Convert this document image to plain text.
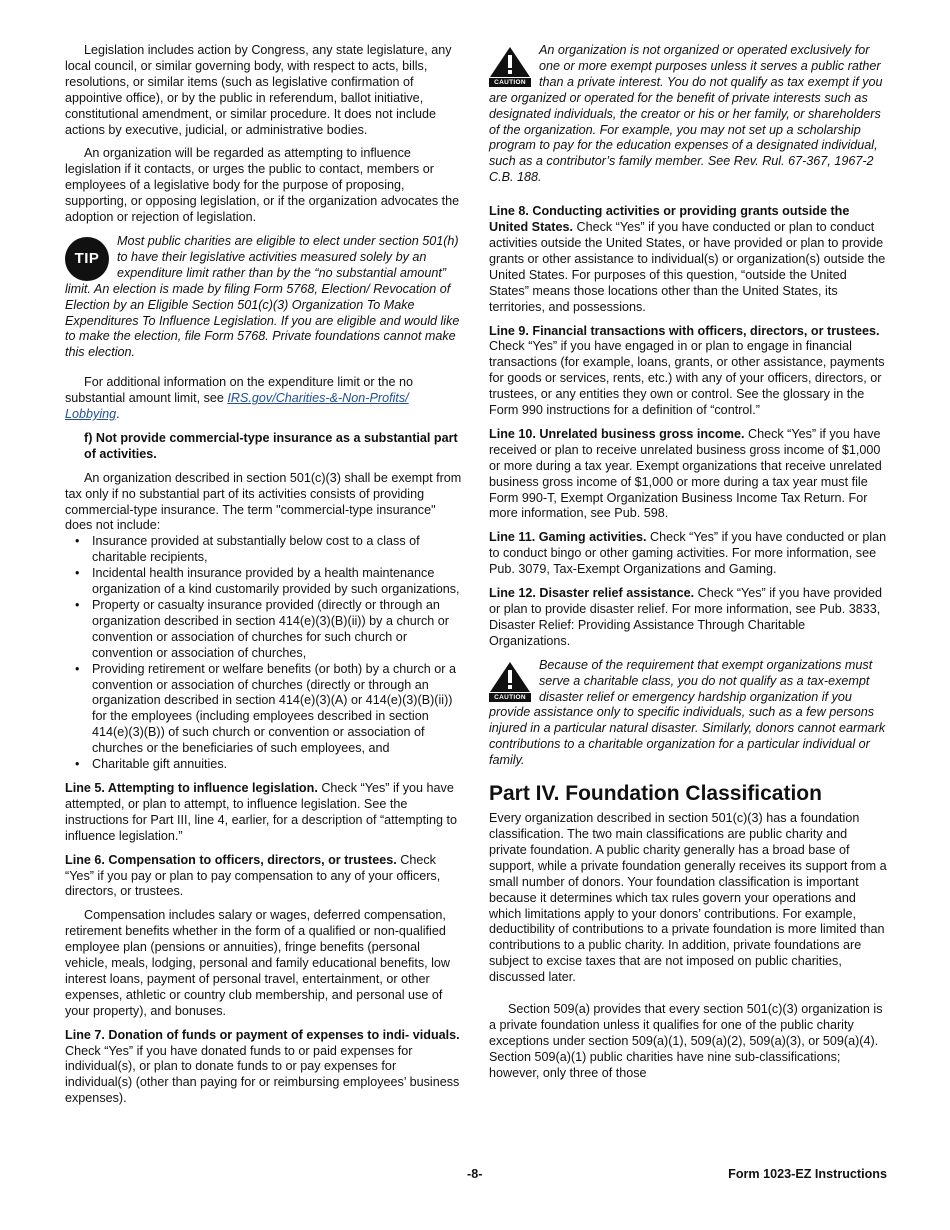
Legislation includes action by Congress, any state legislature, any local council, or similar governing body, with respect to acts, bills, resolutions, or similar items (such as legislative confirmation of appointive office), or by the public in referendum, ballot initiative, constitutional amendment, or similar procedure. It does not include actions by executive, judicial, or administrative bodies.

An organization will be regarded as attempting to influence legislation if it contacts, or urges the public to contact, members or employees of a legislative body for the purpose of proposing, supporting, or opposing legislation, or if the organization advocates the adoption or rejection of legislation.

TIP
Most public charities are eligible to elect under section 501(h) to have their legislative activities measured solely by an expenditure limit rather than by the “no substantial amount” limit. An election is made by filing Form 5768, Election/ Revocation of Election by an Eligible Section 501(c)(3) Organization To Make Expenditures To Influence Legislation. If you are eligible and would like to make the election, file Form 5768. Private foundations cannot make this election.

For additional information on the expenditure limit or the no substantial amount limit, see IRS.gov/Charities-&-Non-Profits/ Lobbying.

f) Not provide commercial-type insurance as a substantial part of activities.

An organization described in section 501(c)(3) shall be exempt from tax only if no substantial part of its activities consists of providing commercial-type insurance. The term "commercial-type insurance" does not include:

• Insurance provided at substantially below cost to a class of charitable recipients,
• Incidental health insurance provided by a health maintenance organization of a kind customarily provided by such organizations,
• Property or casualty insurance provided (directly or through an organization described in section 414(e)(3)(B)(ii)) by a church or convention or association of churches for such church or convention or association of churches,
• Providing retirement or welfare benefits (or both) by a church or a convention or association of churches (directly or through an organization described in section 414(e)(3)(A) or 414(e)(3)(B)(ii)) for the employees (including employees described in section 414(e)(3)(B)) of such church or convention or association of churches or the beneficiaries of such employees, and
• Charitable gift annuities.

Line 5. Attempting to influence legislation. Check “Yes” if you have attempted, or plan to attempt, to influence legislation. See the instructions for Part III, line 4, earlier, for a description of “attempting to influence legislation.”

Line 6. Compensation to officers, directors, or trustees. Check “Yes” if you pay or plan to pay compensation to any of your officers, directors, or trustees.

Compensation includes salary or wages, deferred compensation, retirement benefits whether in the form of a qualified or non-qualified employee plan (pensions or annuities), fringe benefits (personal vehicle, meals, lodging, personal and family educational benefits, low interest loans, payment of personal travel, entertainment, or other expenses, athletic or country club membership, and personal use of your property), and bonuses.

Line 7. Donation of funds or payment of expenses to indi- viduals. Check “Yes” if you have donated funds to or paid expenses for individual(s), or plan to donate funds to or pay expenses for individual(s) (other than paying for or reimbursing employees’ business expenses).

CAUTION
An organization is not organized or operated exclusively for one or more exempt purposes unless it serves a public rather than a private interest. You do not qualify as tax exempt if you are organized or operated for the benefit of private interests such as designated individuals, the creator or his or her family, or shareholders of the organization. For example, you may not set up a scholarship program to pay for the education expenses of a designated individual, such as a contributor’s family member. See Rev. Rul. 67-367, 1967-2 C.B. 188.

Line 8. Conducting activities or providing grants outside the United States. Check “Yes” if you have conducted or plan to conduct activities outside the United States, or have provided or plan to provide grants or other assistance to individual(s) or organization(s) outside the United States. For purposes of this question, “outside the United States” means those locations other than the United States, its territories, and possessions.

Line 9. Financial transactions with officers, directors, or trustees. Check “Yes” if you have engaged in or plan to engage in financial transactions (for example, loans, grants, or other assistance, payments for goods or services, rents, etc.) with any of your officers, directors, or trustees, or any entities they own or control. See the glossary in the Form 990 instructions for a definition of “control.”

Line 10. Unrelated business gross income. Check “Yes” if you have received or plan to receive unrelated business gross income of $1,000 or more during a tax year. Exempt organizations that receive unrelated business gross income of $1,000 or more during a tax year must file Form 990-T, Exempt Organization Business Income Tax Return. For more information, see Pub. 598.

Line 11. Gaming activities. Check “Yes” if you have conducted or plan to conduct bingo or other gaming activities. For more information, see Pub. 3079, Tax-Exempt Organizations and Gaming.

Line 12. Disaster relief assistance. Check “Yes” if you have provided or plan to provide disaster relief. For more information, see Pub. 3833, Disaster Relief: Providing Assistance Through Charitable Organizations.

CAUTION
Because of the requirement that exempt organizations must serve a charitable class, you do not qualify as a tax-exempt disaster relief or emergency hardship organization if you provide assistance only to specific individuals, such as a few persons injured in a particular natural disaster. Similarly, donors cannot earmark contributions to a charitable organization for a particular individual or family.
Part IV. Foundation Classification

Every organization described in section 501(c)(3) has a foundation classification. The two main classifications are public charity and private foundation. A public charity generally has a broad base of support, while a private foundation generally receives its support from a small number of donors. Your foundation classification is important because it determines which tax rules govern your operations and which limitations apply to your donors’ contributions. For example, deductibility of contributions to a private foundation is more limited than contributions to a public charity. In addition, private foundations are subject to excise taxes that are not imposed on public charities, discussed later.

Section 509(a) provides that every section 501(c)(3) organization is a private foundation unless it qualifies for one of the public charity exceptions under section 509(a)(1), 509(a)(2), 509(a)(3), or 509(a)(4). Section 509(a)(1) public charities have nine sub-classifications; however, only three of those

-8-	Form 1023-EZ Instructions
